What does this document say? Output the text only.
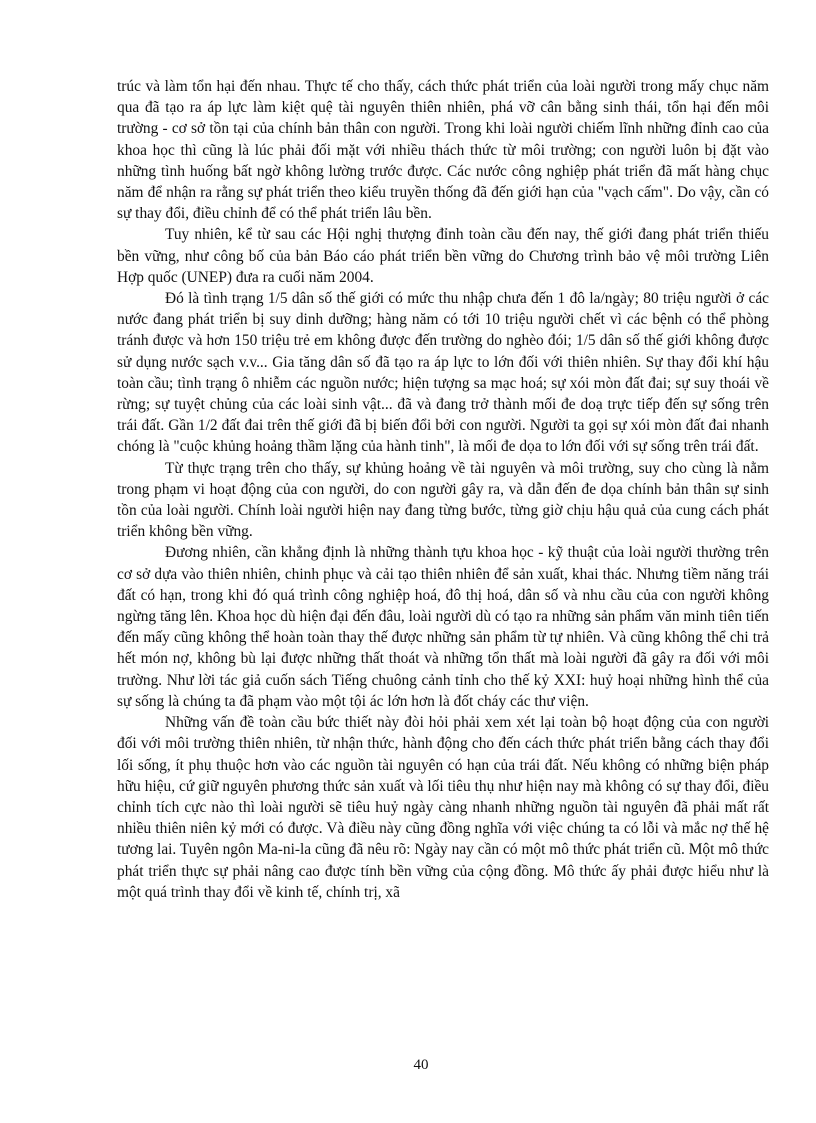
trúc và làm tổn hại đến nhau. Thực tế cho thấy, cách thức phát triển của loài người trong mấy chục năm qua đã tạo ra áp lực làm kiệt quệ tài nguyên thiên nhiên, phá vỡ cân bằng sinh thái, tổn hại đến môi trường - cơ sở tồn tại của chính bản thân con người. Trong khi loài người chiếm lĩnh những đỉnh cao của khoa học thì cũng là lúc phải đối mặt với nhiều thách thức từ môi trường; con người luôn bị đặt vào những tình huống bất ngờ không lường trước được. Các nước công nghiệp phát triển đã mất hàng chục năm để nhận ra rằng sự phát triển theo kiểu truyền thống đã đến giới hạn của "vạch cấm". Do vậy, cần có sự thay đổi, điều chỉnh để có thể phát triển lâu bền.

Tuy nhiên, kể từ sau các Hội nghị thượng đỉnh toàn cầu đến nay, thế giới đang phát triển thiếu bền vững, như công bố của bản Báo cáo phát triển bền vững do Chương trình bảo vệ môi trường Liên Hợp quốc (UNEP) đưa ra cuối năm 2004.

Đó là tình trạng 1/5 dân số thế giới có mức thu nhập chưa đến 1 đô la/ngày; 80 triệu người ở các nước đang phát triển bị suy dinh dưỡng; hàng năm có tới 10 triệu người chết vì các bệnh có thể phòng tránh được và hơn 150 triệu trẻ em không được đến trường do nghèo đói; 1/5 dân số thế giới không được sử dụng nước sạch v.v... Gia tăng dân số đã tạo ra áp lực to lớn đối với thiên nhiên. Sự thay đổi khí hậu toàn cầu; tình trạng ô nhiễm các nguồn nước; hiện tượng sa mạc hoá; sự xói mòn đất đai; sự suy thoái về rừng; sự tuyệt chủng của các loài sinh vật... đã và đang trở thành mối đe doạ trực tiếp đến sự sống trên trái đất. Gần 1/2 đất đai trên thế giới đã bị biến đổi bởi con người. Người ta gọi sự xói mòn đất đai nhanh chóng là "cuộc khủng hoảng thầm lặng của hành tinh", là mối đe dọa to lớn đối với sự sống trên trái đất.

Từ thực trạng trên cho thấy, sự khủng hoảng về tài nguyên và môi trường, suy cho cùng là nằm trong phạm vi hoạt động của con người, do con người gây ra, và dẫn đến đe dọa chính bản thân sự sinh tồn của loài người. Chính loài người hiện nay đang từng bước, từng giờ chịu hậu quả của cung cách phát triển không bền vững.

Đương nhiên, cần khẳng định là những thành tựu khoa học - kỹ thuật của loài người thường trên cơ sở dựa vào thiên nhiên, chinh phục và cải tạo thiên nhiên để sản xuất, khai thác. Nhưng tiềm năng trái đất có hạn, trong khi đó quá trình công nghiệp hoá, đô thị hoá, dân số và nhu cầu của con người không ngừng tăng lên. Khoa học dù hiện đại đến đâu, loài người dù có tạo ra những sản phẩm văn minh tiên tiến đến mấy cũng không thể hoàn toàn thay thế được những sản phẩm từ tự nhiên. Và cũng không thể chi trả hết món nợ, không bù lại được những thất thoát và những tổn thất mà loài người đã gây ra đối với môi trường. Như lời tác giả cuốn sách Tiếng chuông cảnh tỉnh cho thế kỷ XXI: huỷ hoại những hình thể của sự sống là chúng ta đã phạm vào một tội ác lớn hơn là đốt cháy các thư viện.

Những vấn đề toàn cầu bức thiết này đòi hỏi phải xem xét lại toàn bộ hoạt động của con người đối với môi trường thiên nhiên, từ nhận thức, hành động cho đến cách thức phát triển bằng cách thay đổi lối sống, ít phụ thuộc hơn vào các nguồn tài nguyên có hạn của trái đất. Nếu không có những biện pháp hữu hiệu, cứ giữ nguyên phương thức sản xuất và lối tiêu thụ như hiện nay mà không có sự thay đổi, điều chỉnh tích cực nào thì loài người sẽ tiêu huỷ ngày càng nhanh những nguồn tài nguyên đã phải mất rất nhiều thiên niên kỷ mới có được. Và điều này cũng đồng nghĩa với việc chúng ta có lỗi và mắc nợ thế hệ tương lai. Tuyên ngôn Ma-ni-la cũng đã nêu rõ: Ngày nay cần có một mô thức phát triển cũ. Một mô thức phát triển thực sự phải nâng cao được tính bền vững của cộng đồng. Mô thức ấy phải được hiểu như là một quá trình thay đổi về kinh tế, chính trị, xã

40
